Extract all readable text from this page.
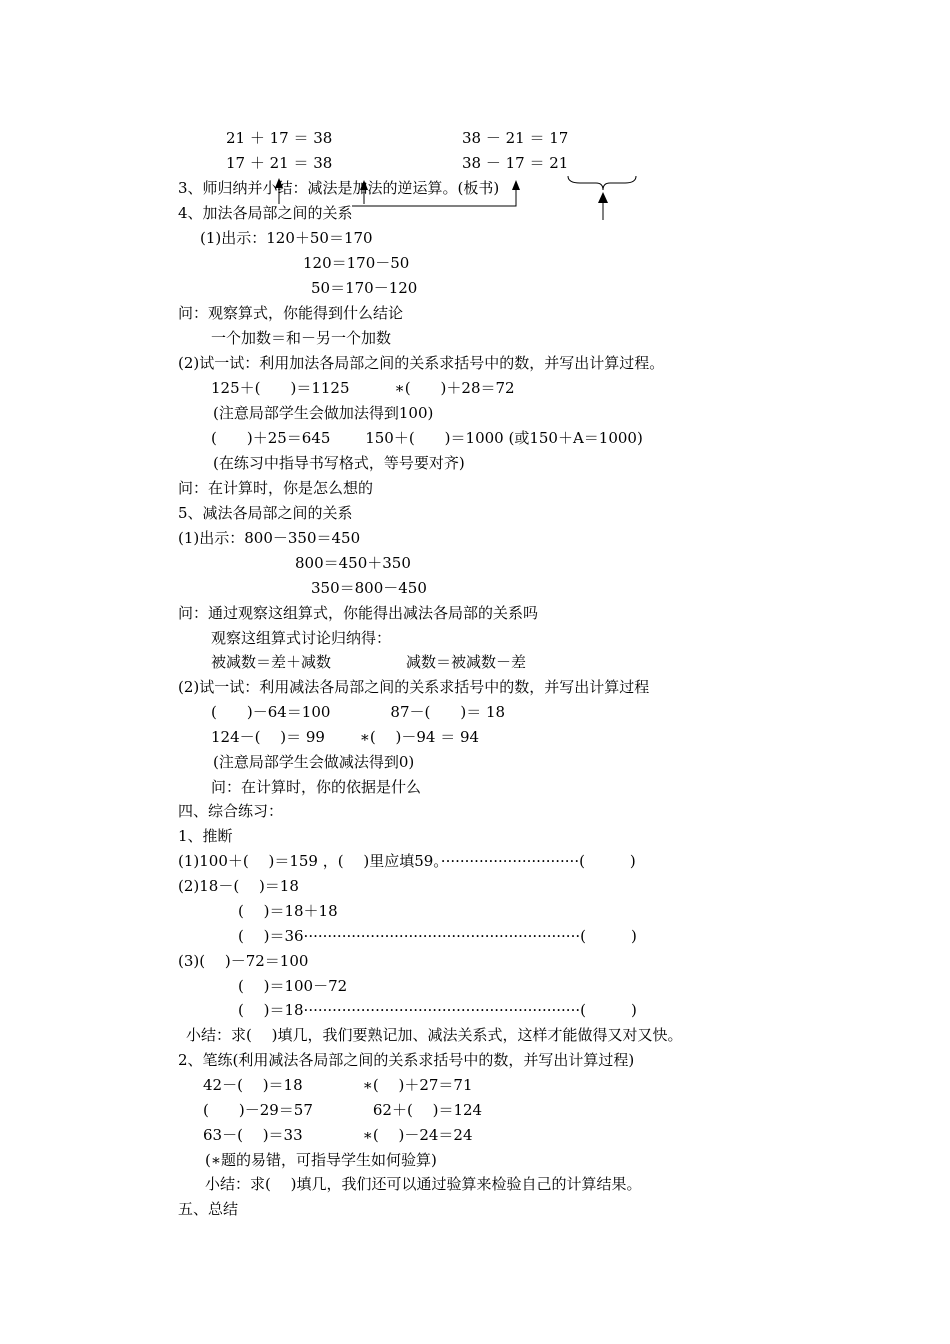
21 ＋ 17 ＝ 38
17 ＋ 21 ＝ 38
38 － 21 ＝ 17
38 － 17 ＝ 21
3、师归纳并小结：减法是加法的逆运算。(板书)
4、加法各局部之间的关系
(1)出示：120＋50＝170
120＝170－50
50＝170－120
问：观察算式，你能得到什么结论
一个加数＝和－另一个加数
(2)试一试：利用加法各局部之间的关系求括号中的数，并写出计算过程。
125＋(　　)＝1125　　　∗(　　)＋28＝72
(注意局部学生会做加法得到100)
(　　)＋25＝645　　 150＋(　　)＝1000 (或150＋A＝1000)
(在练习中指导书写格式，等号要对齐)
问：在计算时，你是怎么想的
5、减法各局部之间的关系
(1)出示：800－350＝450
800＝450＋350
350＝800－450
问：通过观察这组算式，你能得出减法各局部的关系吗
观察这组算式讨论归纳得：
被减数＝差＋减数　　　　　减数＝被减数－差
(2)试一试：利用减法各局部之间的关系求括号中的数，并写出计算过程
(　　)－64＝100　　　　87－(　　)＝ 18
124－(　 )＝ 99　　 ∗(　 )－94 ＝ 94
(注意局部学生会做减法得到0)
问：在计算时，你的依据是什么
四、综合练习：
1、推断
(1)100＋(　 )＝159 ，(　 )里应填59。·····························(　　　)
(2)18－(　 )＝18
(　 )＝18＋18
(　 )＝36··························································(　　　)
(3)(　 )－72＝100
(　 )＝100－72
(　 )＝18··························································(　　　)
小结：求(　 )填几，我们要熟记加、减法关系式，这样才能做得又对又快。
2、笔练(利用减法各局部之间的关系求括号中的数，并写出计算过程)
42－(　 )＝18　　　　∗(　 )＋27＝71
(　　)－29＝57　　　　62＋(　 )＝124
63－(　 )＝33　　　　∗(　 )－24＝24
(∗题的易错，可指导学生如何验算)
小结：求(　 )填几，我们还可以通过验算来检验自己的计算结果。
五、总结
